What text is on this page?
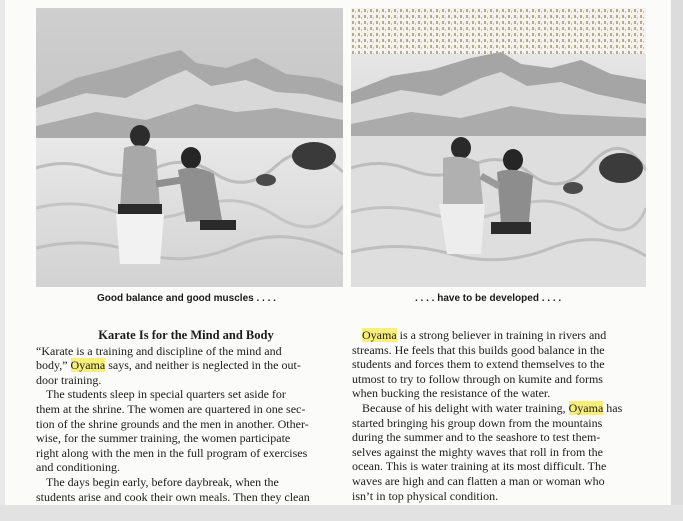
Good balance and good muscles . . . .	. . . . have to be developed . . . .
Karate Is for the Mind and Body

“Karate is a training and discipline of the mind and
body,” Oyama says, and neither is neglected in the out-
door training.

The students sleep in special quarters set aside for
them at the shrine. The women are quartered in one sec-
tion of the shrine grounds and the men in another. Other-
wise, for the summer training, the women participate
right along with the men in the full program of exercises
and conditioning.

The days begin early, before daybreak, when the
students arise and cook their own meals. Then they clean

Oyama is a strong believer in training in rivers and
streams. He feels that this builds good balance in the
students and forces them to extend themselves to the
utmost to try to follow through on kumite and forms
when bucking the resistance of the water.

Because of his delight with water training, Oyama has
started bringing his group down from the mountains
during the summer and to the seashore to test them-
selves against the mighty waves that roll in from the
ocean. This is water training at its most difficult. The
waves are high and can flatten a man or woman who
isn’t in top physical condition.
